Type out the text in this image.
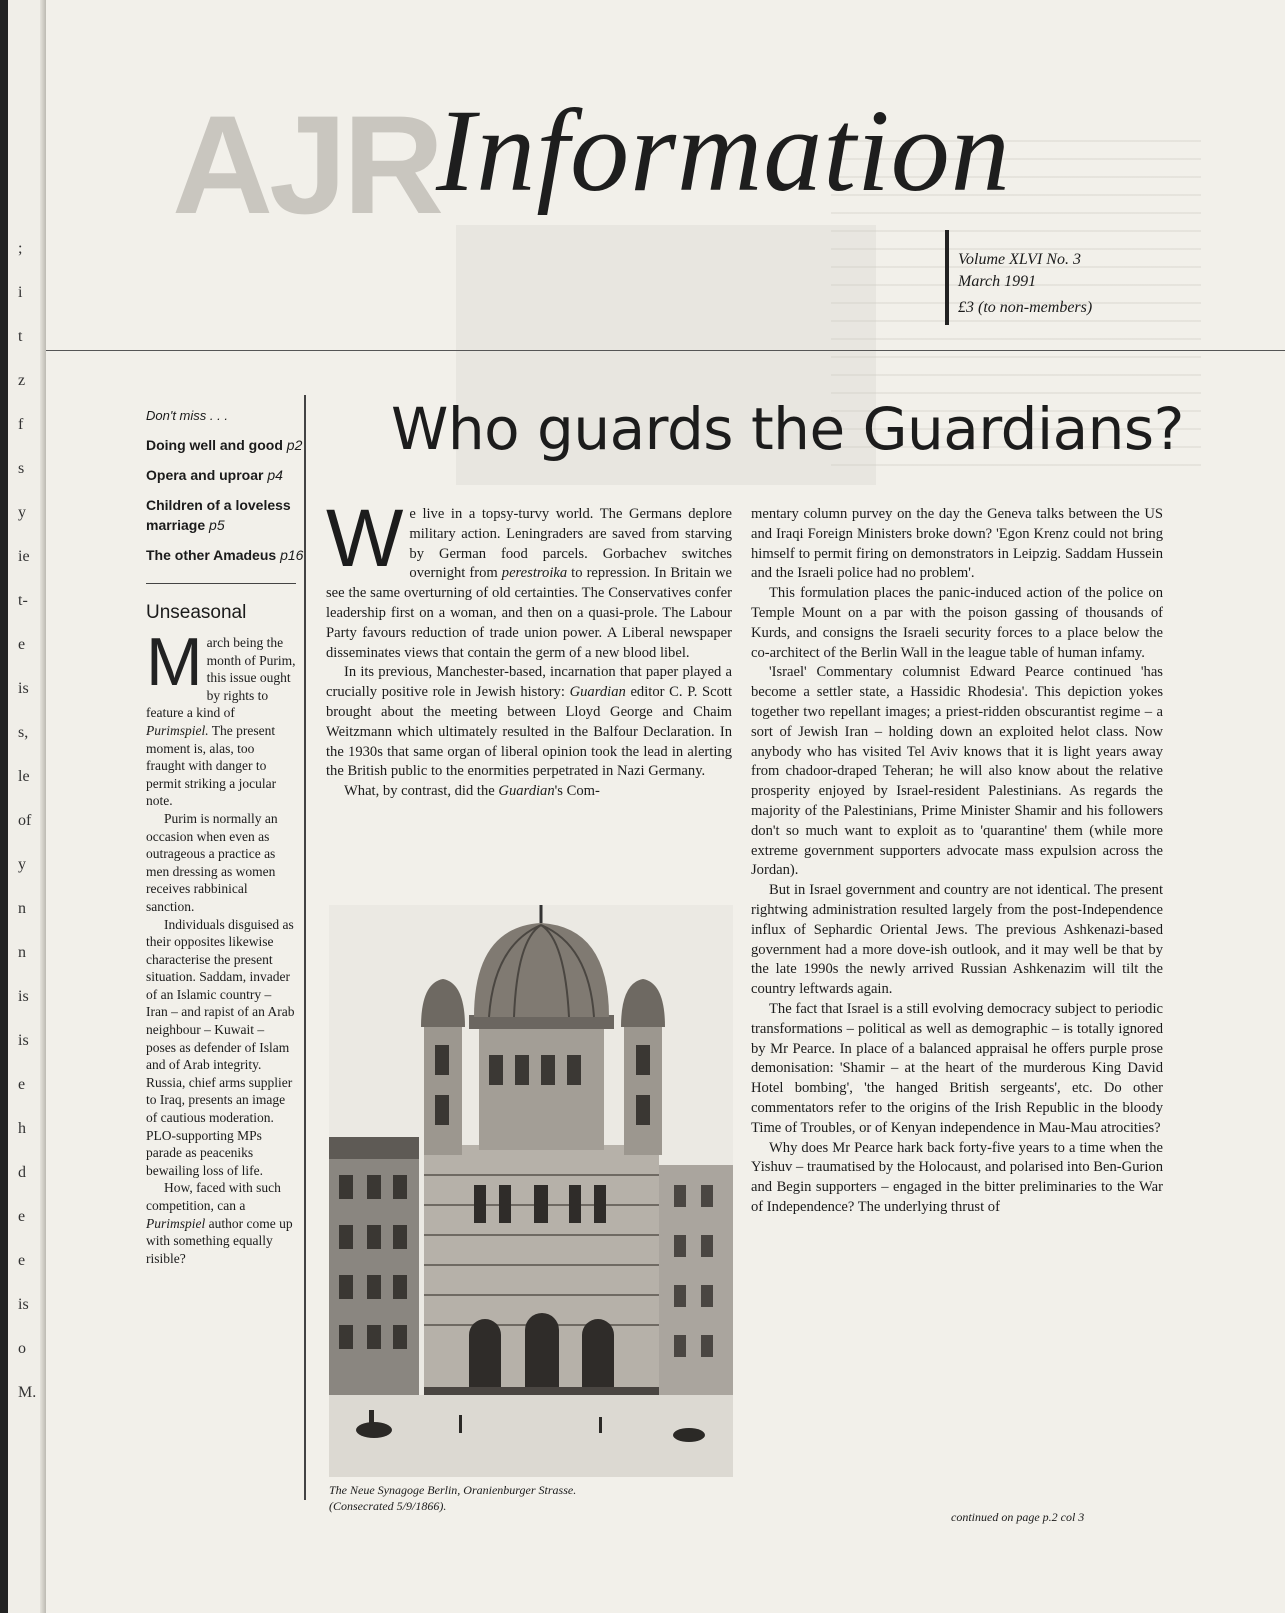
;
i
t
z
f
s
y
ie
t-
e
is
s,
le
of
y
n
n
is
is
e
h
d
e
e
is
o
M.
AJR
Information
Volume XLVI No. 3
March 1991
£3 (to non-members)
Don't miss . . .
Doing well and good p2
Opera and uproar p4
Children of a loveless marriage p5
The other Amadeus p16
Unseasonal

March being the month of Purim, this issue ought by rights to feature a kind of Purimspiel. The present moment is, alas, too fraught with danger to permit striking a jocular note.

Purim is normally an occasion when even as outrageous a practice as men dressing as women receives rabbinical sanction.

Individuals disguised as their opposites likewise characterise the present situation. Saddam, invader of an Islamic country – Iran – and rapist of an Arab neighbour – Kuwait – poses as defender of Islam and of Arab integrity. Russia, chief arms supplier to Iraq, presents an image of cautious moderation. PLO-supporting MPs parade as peaceniks bewailing loss of life.

How, faced with such competition, can a Purimspiel author come up with something equally risible?

Who guards the Guardians?

We live in a topsy-turvy world. The Germans deplore military action. Leningraders are saved from starving by German food parcels. Gorbachev switches overnight from perestroika to repression. In Britain we see the same overturning of old certainties. The Conservatives confer leadership first on a woman, and then on a quasi-prole. The Labour Party favours reduction of trade union power. A Liberal newspaper disseminates views that contain the germ of a new blood libel.

In its previous, Manchester-based, incarnation that paper played a crucially positive role in Jewish history: Guardian editor C. P. Scott brought about the meeting between Lloyd George and Chaim Weitzmann which ultimately resulted in the Balfour Declaration. In the 1930s that same organ of liberal opinion took the lead in alerting the British public to the enormities perpetrated in Nazi Germany.

What, by contrast, did the Guardian's Com-

The Neue Synagoge Berlin, Oranienburger Strasse.
(Consecrated 5/9/1866).

mentary column purvey on the day the Geneva talks between the US and Iraqi Foreign Ministers broke down? 'Egon Krenz could not bring himself to permit firing on demonstrators in Leipzig. Saddam Hussein and the Israeli police had no problem'.

This formulation places the panic-induced action of the police on Temple Mount on a par with the poison gassing of thousands of Kurds, and consigns the Israeli security forces to a place below the co-architect of the Berlin Wall in the league table of human infamy.

'Israel' Commentary columnist Edward Pearce continued 'has become a settler state, a Hassidic Rhodesia'. This depiction yokes together two repellant images; a priest-ridden obscurantist regime – a sort of Jewish Iran – holding down an exploited helot class. Now anybody who has visited Tel Aviv knows that it is light years away from chadoor-draped Teheran; he will also know about the relative prosperity enjoyed by Israel-resident Palestinians. As regards the majority of the Palestinians, Prime Minister Shamir and his followers don't so much want to exploit as to 'quarantine' them (while more extreme government supporters advocate mass expulsion across the Jordan).

But in Israel government and country are not identical. The present rightwing administration resulted largely from the post-Independence influx of Sephardic Oriental Jews. The previous Ashkenazi-based government had a more dove-ish outlook, and it may well be that by the late 1990s the newly arrived Russian Ashkenazim will tilt the country leftwards again.

The fact that Israel is a still evolving democracy subject to periodic transformations – political as well as demographic – is totally ignored by Mr Pearce. In place of a balanced appraisal he offers purple prose demonisation: 'Shamir – at the heart of the murderous King David Hotel bombing', 'the hanged British sergeants', etc. Do other commentators refer to the origins of the Irish Republic in the bloody Time of Troubles, or of Kenyan independence in Mau-Mau atrocities?

Why does Mr Pearce hark back forty-five years to a time when the Yishuv – traumatised by the Holocaust, and polarised into Ben-Gurion and Begin supporters – engaged in the bitter preliminaries to the War of Independence? The underlying thrust of

continued on page p.2 col 3
